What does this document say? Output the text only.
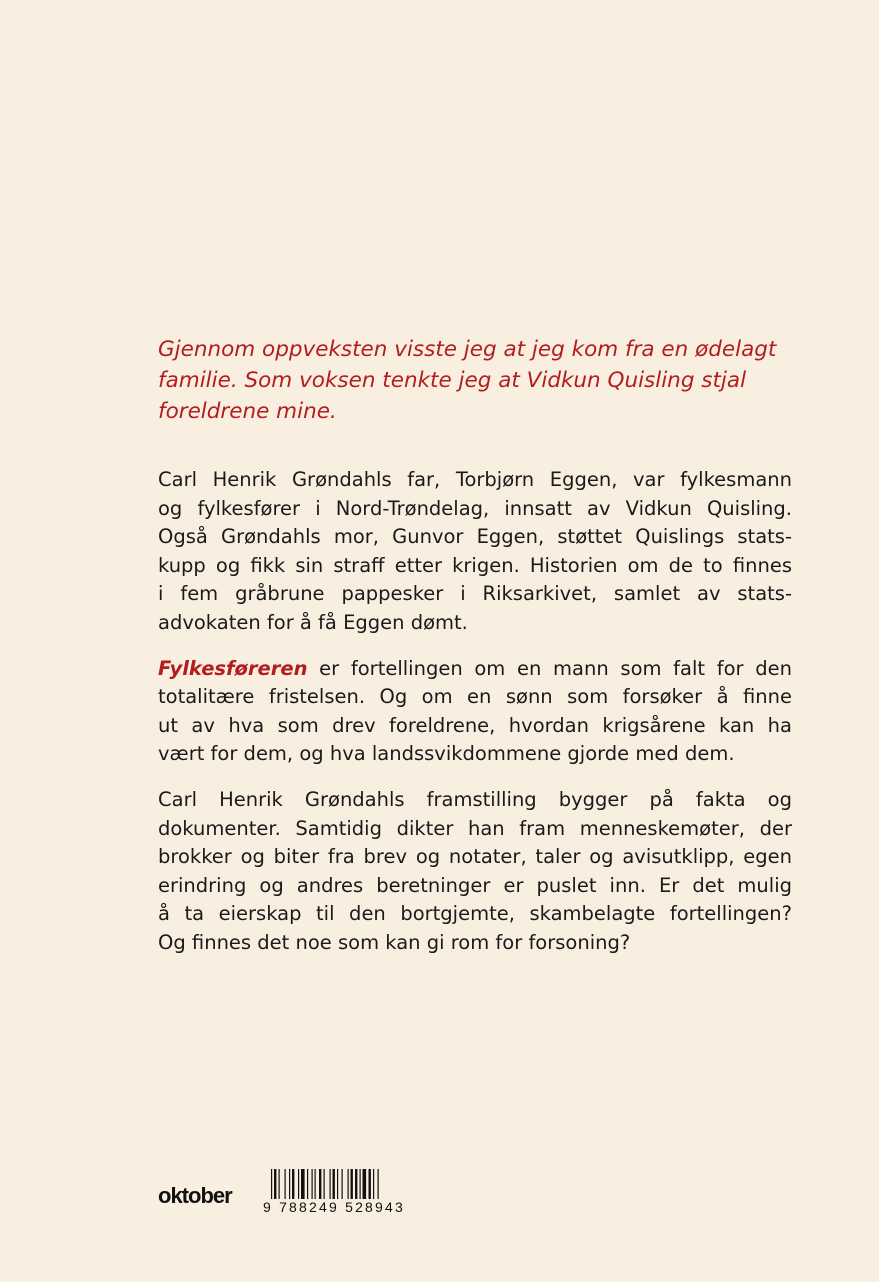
Gjennom oppveksten visste jeg at jeg kom fra en ødelagt
familie. Som voksen tenkte jeg at Vidkun Quisling stjal
foreldrene mine.
Carl Henrik Grøndahls far, Torbjørn Eggen, var fylkesmann
og fylkesfører i Nord-Trøndelag, innsatt av Vidkun Quisling.
Også Grøndahls mor, Gunvor Eggen, støttet Quislings stats-
kupp og fikk sin straff etter krigen. Historien om de to finnes
i fem gråbrune pappesker i Riksarkivet, samlet av stats-
advokaten for å få Eggen dømt.
Fylkesføreren er fortellingen om en mann som falt for den
totalitære fristelsen. Og om en sønn som forsøker å finne
ut av hva som drev foreldrene, hvordan krigsårene kan ha
vært for dem, og hva landssvikdommene gjorde med dem.
Carl Henrik Grøndahls framstilling bygger på fakta og
dokumenter. Samtidig dikter han fram menneskemøter, der
brokker og biter fra brev og notater, taler og avisutklipp, egen
erindring og andres beretninger er puslet inn. Er det mulig
å ta eierskap til den bortgjemte, skambelagte fortellingen?
Og finnes det noe som kan gi rom for forsoning?
oktober 9 788249 528943
